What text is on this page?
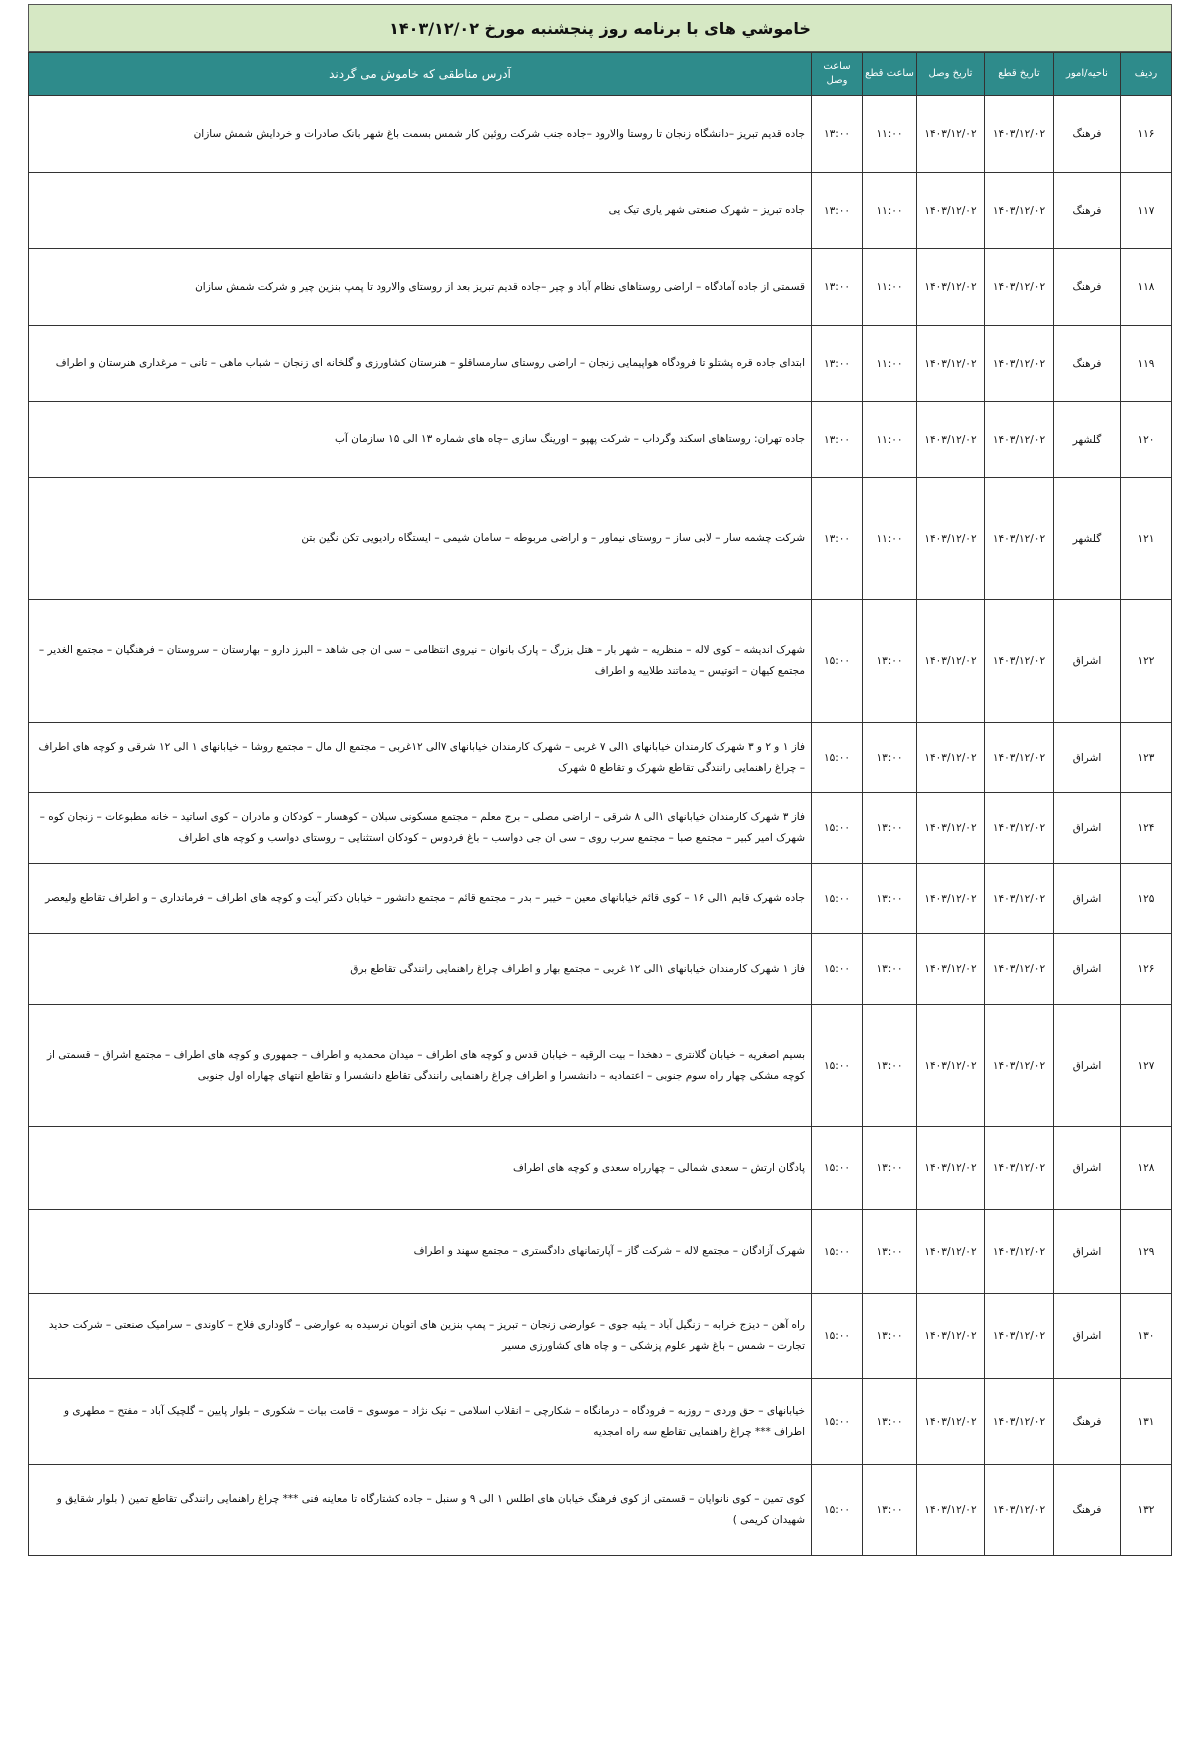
خاموشي های با برنامه روز پنجشنبه مورخ ۱۴۰۳/۱۲/۰۲
ردیف	ناحیه/امور	تاریخ قطع	تاریخ وصل	ساعت قطع	ساعت وصل	آدرس مناطقی که خاموش می گردند
۱۱۶	فرهنگ	۱۴۰۳/۱۲/۰۲	۱۴۰۳/۱۲/۰۲	۱۱:۰۰	۱۳:۰۰	جاده قدیم تبریز –دانشگاه زنجان تا روستا والارود –جاده جنب شرکت روئین کار شمس بسمت باغ شهر بانک صادرات و خردایش شمش سازان
۱۱۷	فرهنگ	۱۴۰۳/۱۲/۰۲	۱۴۰۳/۱۲/۰۲	۱۱:۰۰	۱۳:۰۰	جاده تبریز – شهرک صنعتی شهر یاری تیک یی
۱۱۸	فرهنگ	۱۴۰۳/۱۲/۰۲	۱۴۰۳/۱۲/۰۲	۱۱:۰۰	۱۳:۰۰	قسمتی از جاده آمادگاه – اراضی روستاهای نظام آباد و چیر –جاده قدیم تبریز بعد از روستای والارود تا پمپ بنزین چیر و شرکت شمش سازان
۱۱۹	فرهنگ	۱۴۰۳/۱۲/۰۲	۱۴۰۳/۱۲/۰۲	۱۱:۰۰	۱۳:۰۰	ابتدای جاده قره پشتلو تا فرودگاه هواپیمایی زنجان – اراضی روستای سارمساقلو – هنرستان کشاورزی و گلخانه ای زنجان – شباب ماهی – تانی – مرغداری هنرستان و اطراف
۱۲۰	گلشهر	۱۴۰۳/۱۲/۰۲	۱۴۰۳/۱۲/۰۲	۱۱:۰۰	۱۳:۰۰	جاده تهران: روستاهای اسکند وگرداب – شرکت پهپو – اورینگ سازی –چاه های شماره ۱۳ الی ۱۵ سازمان آب
۱۲۱	گلشهر	۱۴۰۳/۱۲/۰۲	۱۴۰۳/۱۲/۰۲	۱۱:۰۰	۱۳:۰۰	شرکت چشمه سار – لابی ساز – روستای نیماور – و اراضی مربوطه – سامان شیمی – ایستگاه رادیویی تکن نگین بتن
۱۲۲	اشراق	۱۴۰۳/۱۲/۰۲	۱۴۰۳/۱۲/۰۲	۱۳:۰۰	۱۵:۰۰	شهرک اندیشه – کوی لاله – منظریه – شهر بار – هتل بزرگ – پارک بانوان – نیروی انتظامی – سی ان جی شاهد – البرز دارو – بهارستان – سروستان – فرهنگیان – مجتمع الغدیر – مجتمع کیهان – اتوتیس – یدماتند طلاییه و اطراف
۱۲۳	اشراق	۱۴۰۳/۱۲/۰۲	۱۴۰۳/۱۲/۰۲	۱۳:۰۰	۱۵:۰۰	فاز ۱ و ۲ و ۳ شهرک کارمندان خیابانهای ۱الی ۷ غربی – شهرک کارمندان خیابانهای ۷الی ۱۲غربی – مجتمع ال مال – مجتمع روشا – خیابانهای ۱ الی ۱۲ شرقی و کوچه های اطراف – چراغ راهنمایی رانندگی تقاطع شهرک و تقاطع ۵ شهرک
۱۲۴	اشراق	۱۴۰۳/۱۲/۰۲	۱۴۰۳/۱۲/۰۲	۱۳:۰۰	۱۵:۰۰	فاز ۳ شهرک کارمندان خیابانهای ۱الی ۸ شرقی – اراضی مصلی – برج معلم – مجتمع مسکونی سبلان – کوهسار – کودکان و مادران – کوی اساتید – خانه مطبوعات – زنجان کوه – شهرک امیر کبیر – مجتمع صبا – مجتمع سرب روی – سی ان جی دواسب – باغ فردوس – کودکان استثنایی – روستای دواسب و کوچه های اطراف
۱۲۵	اشراق	۱۴۰۳/۱۲/۰۲	۱۴۰۳/۱۲/۰۲	۱۳:۰۰	۱۵:۰۰	جاده شهرک قایم ۱الی ۱۶ – کوی قائم خیابانهای معین – خیبر – بدر – مجتمع قائم – مجتمع دانشور – خیابان دکتر آیت و کوچه های اطراف – فرمانداری – و اطراف تقاطع ولیعصر
۱۲۶	اشراق	۱۴۰۳/۱۲/۰۲	۱۴۰۳/۱۲/۰۲	۱۳:۰۰	۱۵:۰۰	فاز ۱ شهرک کارمندان خیابانهای ۱الی ۱۲ غربی – مجتمع بهار و اطراف چراغ راهنمایی رانندگی تقاطع برق
۱۲۷	اشراق	۱۴۰۳/۱۲/۰۲	۱۴۰۳/۱۲/۰۲	۱۳:۰۰	۱۵:۰۰	بسیم اصغریه – خیابان گلانتری – دهخدا – بیت الرقیه – خیابان قدس و کوچه های اطراف – میدان محمدیه و اطراف – جمهوری و کوچه های اطراف – مجتمع اشراق – قسمتی از کوچه مشکی چهار راه سوم جنوبی – اعتمادیه – دانشسرا و اطراف چراغ راهنمایی رانندگی تقاطع دانشسرا و تقاطع انتهای چهاراه اول جنوبی
۱۲۸	اشراق	۱۴۰۳/۱۲/۰۲	۱۴۰۳/۱۲/۰۲	۱۳:۰۰	۱۵:۰۰	پادگان ارتش – سعدی شمالی – چهارراه سعدی و کوچه های اطراف
۱۲۹	اشراق	۱۴۰۳/۱۲/۰۲	۱۴۰۳/۱۲/۰۲	۱۳:۰۰	۱۵:۰۰	شهرک آزادگان – مجتمع لاله – شرکت گاز – آپارتمانهای دادگستری – مجتمع سهند و اطراف
۱۳۰	اشراق	۱۴۰۳/۱۲/۰۲	۱۴۰۳/۱۲/۰۲	۱۳:۰۰	۱۵:۰۰	راه آهن – دیزج خرابه – زنگیل آباد – یئیه جوی – عوارضی زنجان – تبریز – پمپ بنزین های اتوبان نرسیده به عوارضی – گاوداری فلاح – کاوندی – سرامیک صنعتی – شرکت حدید تجارت – شمس – باغ شهر علوم پزشکی – و چاه های کشاورزی مسیر
۱۳۱	فرهنگ	۱۴۰۳/۱۲/۰۲	۱۴۰۳/۱۲/۰۲	۱۳:۰۰	۱۵:۰۰	خیابانهای – حق وردی – روزبه – فرودگاه – درمانگاه – شکارچی – انقلاب اسلامی – نیک نژاد – موسوی – قامت بیات – شکوری – بلوار پایین – گلچیک آباد – مفتح – مطهری و اطراف *** چراغ راهنمایی تقاطع سه راه امجدیه
۱۳۲	فرهنگ	۱۴۰۳/۱۲/۰۲	۱۴۰۳/۱۲/۰۲	۱۳:۰۰	۱۵:۰۰	کوی تمین – کوی نانوایان – قسمتی از کوی فرهنگ خیابان های اطلس ۱ الی ۹ و سنبل – جاده کشتارگاه تا معاینه فنی *** چراغ راهنمایی رانندگی تقاطع تمین ( بلوار شقایق و شهیدان کریمی )
